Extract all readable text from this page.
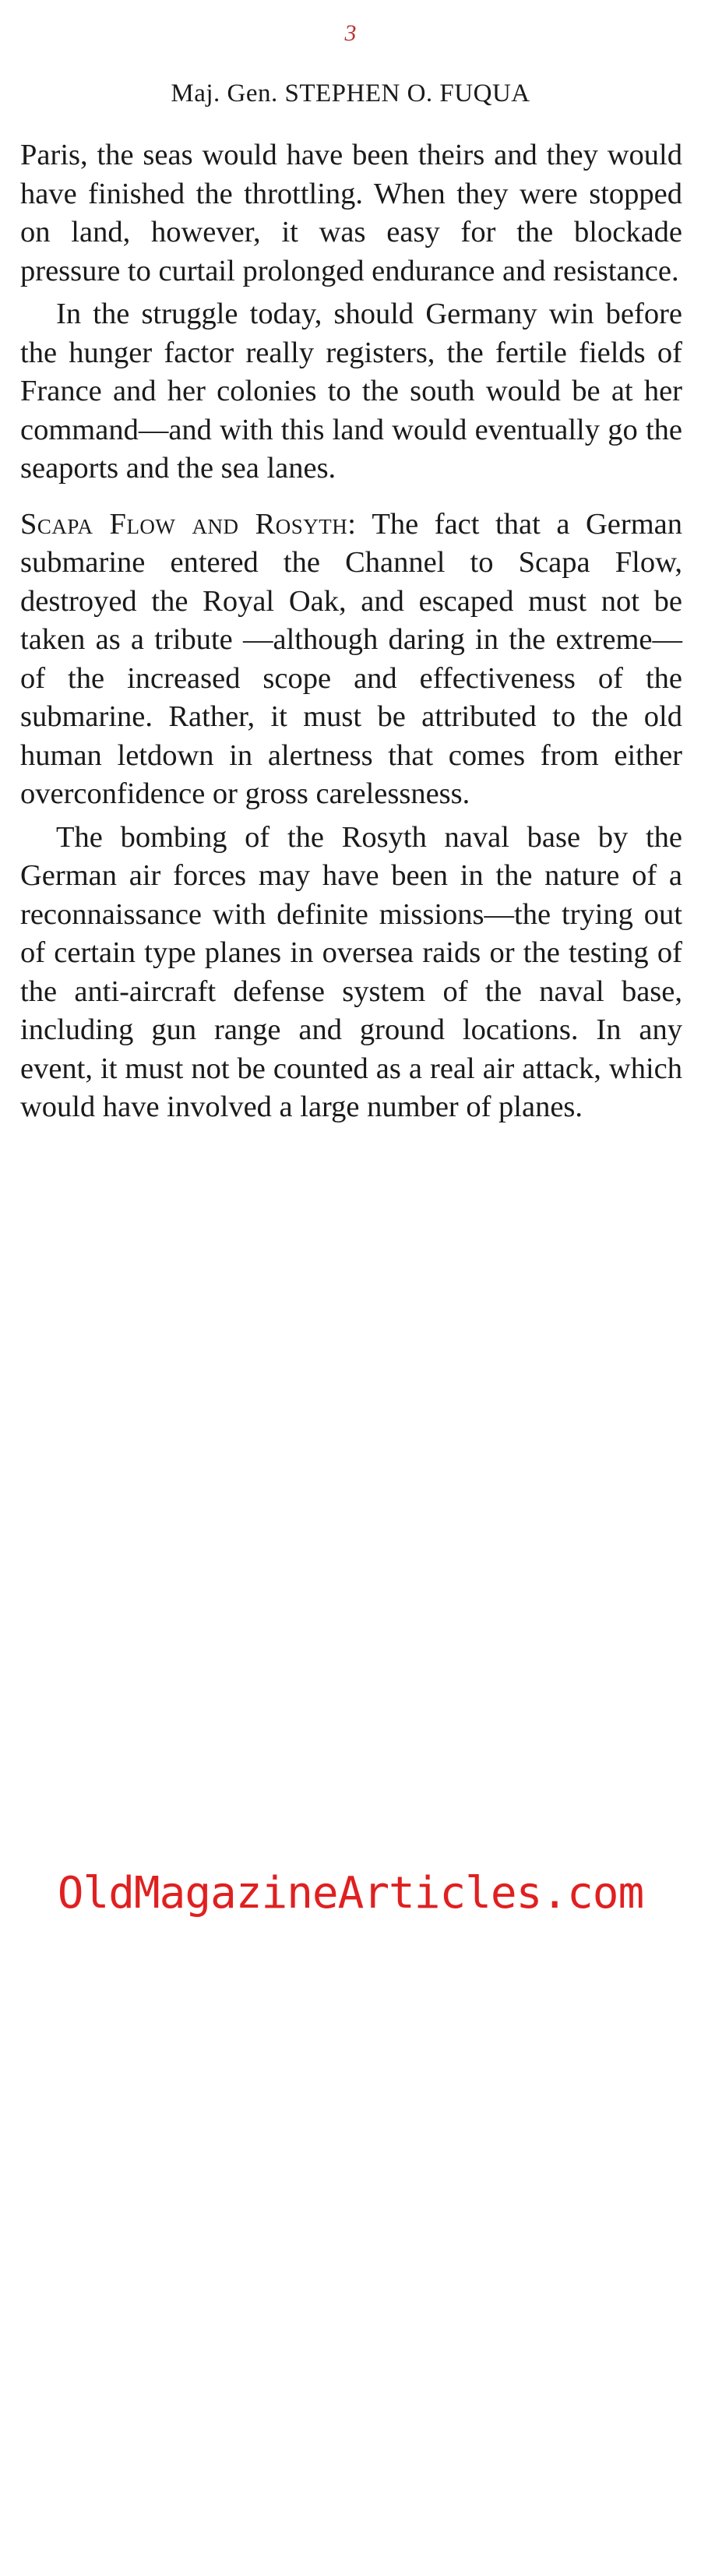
3
Maj. Gen. STEPHEN O. FUQUA

Paris, the seas would have been theirs and they would have finished the throttling. When they were stopped on land, however, it was easy for the blockade pressure to curtail prolonged endurance and resistance.

In the struggle today, should Germany win before the hunger factor really registers, the fertile fields of France and her colonies to the south would be at her command—and with this land would eventually go the seaports and the sea lanes.

Scapa Flow and Rosyth: The fact that a German submarine entered the Channel to Scapa Flow, destroyed the Royal Oak, and escaped must not be taken as a tribute —although daring in the extreme—of the increased scope and effectiveness of the submarine. Rather, it must be attributed to the old human letdown in alertness that comes from either overconfidence or gross carelessness.

The bombing of the Rosyth naval base by the German air forces may have been in the nature of a reconnaissance with definite missions—the trying out of certain type planes in oversea raids or the testing of the anti-aircraft defense system of the naval base, including gun range and ground locations. In any event, it must not be counted as a real air attack, which would have involved a large number of planes.

OldMagazineArticles.com
